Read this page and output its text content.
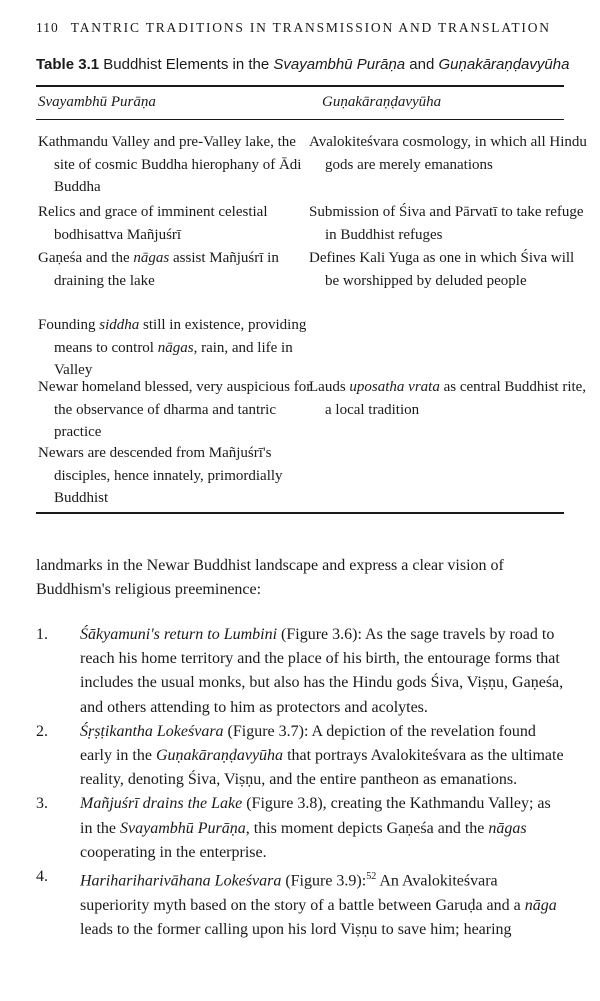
110 TANTRIC TRADITIONS IN TRANSMISSION AND TRANSLATION
Table 3.1 Buddhist Elements in the Svayambhū Purāṇa and Guṇakāraṇḍavyūha
Svayambhū Purāṇa	Guṇakāraṇḍavyūha

Kathmandu Valley and pre-Valley lake, the site of cosmic Buddha hierophany of Ādi Buddha

Relics and grace of imminent celestial bodhisattva Mañjuśrī

Gaṇeśa and the nāgas assist Mañjuśrī in draining the lake

Founding siddha still in existence, providing means to control nāgas, rain, and life in Valley

Newar homeland blessed, very auspicious for the observance of dharma and tantric practice

Newars are descended from Mañjuśrī's disciples, hence innately, primordially Buddhist

Avalokiteśvara cosmology, in which all Hindu gods are merely emanations

Submission of Śiva and Pārvatī to take refuge in Buddhist refuges

Defines Kali Yuga as one in which Śiva will be worshipped by deluded people

Lauds uposatha vrata as central Buddhist rite, a local tradition

landmarks in the Newar Buddhist landscape and express a clear vision of Buddhism's religious preeminence:

1. Śākyamuni's return to Lumbini (Figure 3.6): As the sage travels by road to reach his home territory and the place of his birth, the entourage forms that includes the usual monks, but also has the Hindu gods Śiva, Viṣṇu, Gaṇeśa, and others attending to him as protectors and acolytes.
2. Śṛṣṭikantha Lokeśvara (Figure 3.7): A depiction of the revelation found early in the Guṇakāraṇḍavyūha that portrays Avalokiteśvara as the ultimate reality, denoting Śiva, Viṣṇu, and the entire pantheon as emanations.
3. Mañjuśrī drains the Lake (Figure 3.8), creating the Kathmandu Valley; as in the Svayambhū Purāṇa, this moment depicts Gaṇeśa and the nāgas cooperating in the enterprise.
4. Harihariharivāhana Lokeśvara (Figure 3.9):$^{52}$ An Avalokiteśvara superiority myth based on the story of a battle between Garuḍa and a nāga leads to the former calling upon his lord Viṣṇu to save him; hearing
